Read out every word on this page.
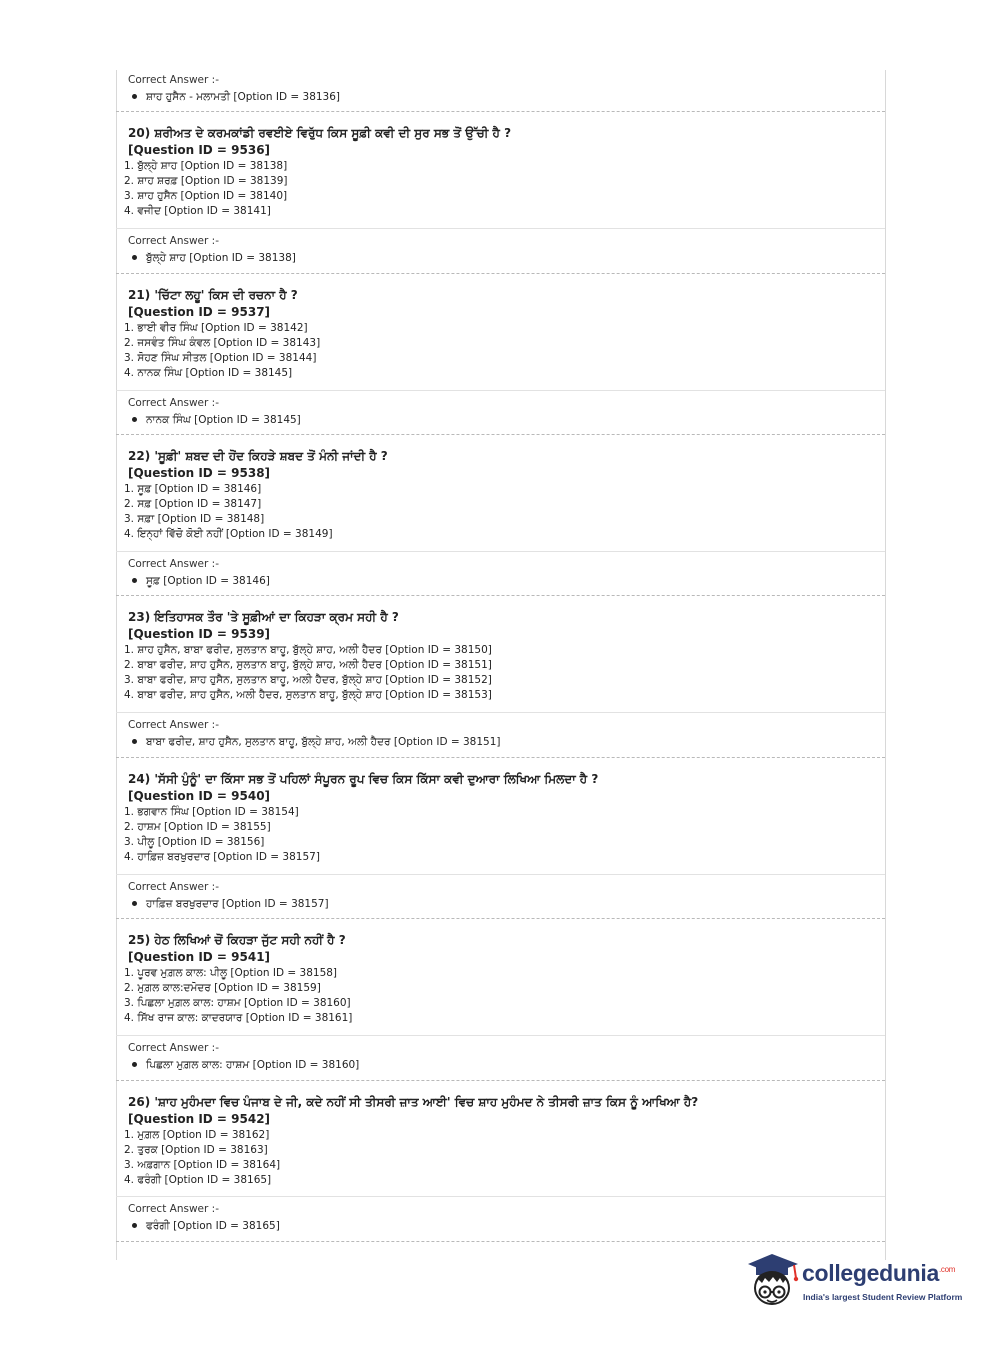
Correct Answer :-
ਸ਼ਾਹ ਹੁਸੈਨ - ਮਲਾਮਤੀ [Option ID = 38136]
20) ਸ਼ਰੀਅਤ ਦੇ ਕਰਮਕਾਂਡੀ ਰਵਈਏ ਵਿਰੁੱਧ ਕਿਸ ਸੂਫ਼ੀ ਕਵੀ ਦੀ ਸੁਰ ਸਭ ਤੋਂ ਉੱਚੀ ਹੈ ?
[Question ID = 9536]
1. ਬੁੱਲ੍ਹੇ ਸ਼ਾਹ [Option ID = 38138]
2. ਸ਼ਾਹ ਸ਼ਰਫ਼ [Option ID = 38139]
3. ਸ਼ਾਹ ਹੁਸੈਨ [Option ID = 38140]
4. ਵਜੀਦ [Option ID = 38141]
Correct Answer :-
ਬੁੱਲ੍ਹੇ ਸ਼ਾਹ [Option ID = 38138]
21) 'ਚਿੱਟਾ ਲਹੂ' ਕਿਸ ਦੀ ਰਚਨਾ ਹੈ ?
[Question ID = 9537]
1. ਭਾਈ ਵੀਰ ਸਿੰਘ [Option ID = 38142]
2. ਜਸਵੰਤ ਸਿੰਘ ਕੰਵਲ [Option ID = 38143]
3. ਸੋਹਣ ਸਿੰਘ ਸੀਤਲ [Option ID = 38144]
4. ਨਾਨਕ ਸਿੰਘ [Option ID = 38145]
Correct Answer :-
ਨਾਨਕ ਸਿੰਘ [Option ID = 38145]
22) 'ਸੂਫ਼ੀ' ਸ਼ਬਦ ਦੀ ਹੋਂਦ ਕਿਹੜੇ ਸ਼ਬਦ ਤੋਂ ਮੰਨੀ ਜਾਂਦੀ ਹੈ ?
[Question ID = 9538]
1. ਸੂਫ਼ [Option ID = 38146]
2. ਸਫ਼ [Option ID = 38147]
3. ਸਫ਼ਾ [Option ID = 38148]
4. ਇਨ੍ਹਾਂ ਵਿੱਚੋ ਕੋਈ ਨਹੀਂ [Option ID = 38149]
Correct Answer :-
ਸੂਫ਼ [Option ID = 38146]
23) ਇਤਿਹਾਸਕ ਤੌਰ 'ਤੇ ਸੂਫ਼ੀਆਂ ਦਾ ਕਿਹੜਾ ਕ੍ਰਮ ਸਹੀ ਹੈ ?
[Question ID = 9539]
1. ਸ਼ਾਹ ਹੁਸੈਨ, ਬਾਬਾ ਫਰੀਦ, ਸੁਲਤਾਨ ਬਾਹੂ, ਬੁੱਲ੍ਹੇ ਸ਼ਾਹ, ਅਲੀ ਹੈਦਰ [Option ID = 38150]
2. ਬਾਬਾ ਫਰੀਦ, ਸ਼ਾਹ ਹੁਸੈਨ, ਸੁਲਤਾਨ ਬਾਹੂ, ਬੁੱਲ੍ਹੇ ਸ਼ਾਹ, ਅਲੀ ਹੈਦਰ [Option ID = 38151]
3. ਬਾਬਾ ਫਰੀਦ, ਸ਼ਾਹ ਹੁਸੈਨ, ਸੁਲਤਾਨ ਬਾਹੂ, ਅਲੀ ਹੈਦਰ, ਬੁੱਲ੍ਹੇ ਸ਼ਾਹ [Option ID = 38152]
4. ਬਾਬਾ ਫਰੀਦ, ਸ਼ਾਹ ਹੁਸੈਨ, ਅਲੀ ਹੈਦਰ, ਸੁਲਤਾਨ ਬਾਹੂ, ਬੁੱਲ੍ਹੇ ਸ਼ਾਹ [Option ID = 38153]
Correct Answer :-
ਬਾਬਾ ਫਰੀਦ, ਸ਼ਾਹ ਹੁਸੈਨ, ਸੁਲਤਾਨ ਬਾਹੂ, ਬੁੱਲ੍ਹੇ ਸ਼ਾਹ, ਅਲੀ ਹੈਦਰ [Option ID = 38151]
24) 'ਸੱਸੀ ਪੁੰਨੂੰ' ਦਾ ਕਿੱਸਾ ਸਭ ਤੋਂ ਪਹਿਲਾਂ ਸੰਪੂਰਨ ਰੂਪ ਵਿਚ ਕਿਸ ਕਿੱਸਾ ਕਵੀ ਦੁਆਰਾ ਲਿਖਿਆ ਮਿਲਦਾ ਹੈ ?
[Question ID = 9540]
1. ਭਗਵਾਨ ਸਿੰਘ [Option ID = 38154]
2. ਹਾਸ਼ਮ [Option ID = 38155]
3. ਪੀਲੂ [Option ID = 38156]
4. ਹਾਫ਼ਿਜ਼ ਬਰਖੁਰਦਾਰ [Option ID = 38157]
Correct Answer :-
ਹਾਫ਼ਿਜ਼ ਬਰਖੁਰਦਾਰ [Option ID = 38157]
25) ਹੇਠ ਲਿਖਿਆਂ ਚੋਂ ਕਿਹੜਾ ਜੁੱਟ ਸਹੀ ਨਹੀਂ ਹੈ ?
[Question ID = 9541]
1. ਪੂਰਵ ਮੁਗ਼ਲ ਕਾਲ: ਪੀਲੂ [Option ID = 38158]
2. ਮੁਗ਼ਲ ਕਾਲ:ਦਮੋਦਰ [Option ID = 38159]
3. ਪਿਛਲਾ ਮੁਗ਼ਲ ਕਾਲ: ਹਾਸ਼ਮ [Option ID = 38160]
4. ਸਿੱਖ ਰਾਜ ਕਾਲ: ਕਾਦਰਯਾਰ [Option ID = 38161]
Correct Answer :-
ਪਿਛਲਾ ਮੁਗ਼ਲ ਕਾਲ: ਹਾਸ਼ਮ [Option ID = 38160]
26) 'ਸ਼ਾਹ ਮੁਹੰਮਦਾ ਵਿਚ ਪੰਜਾਬ ਦੇ ਜੀ, ਕਦੇ ਨਹੀਂ ਸੀ ਤੀਸਰੀ ਜ਼ਾਤ ਆਈ' ਵਿਚ ਸ਼ਾਹ ਮੁਹੰਮਦ ਨੇ ਤੀਸਰੀ ਜ਼ਾਤ ਕਿਸ ਨੂੰ ਆਖਿਆ ਹੈ?
[Question ID = 9542]
1. ਮੁਗ਼ਲ [Option ID = 38162]
2. ਤੁਰਕ [Option ID = 38163]
3. ਅਫ਼ਗਾਨ [Option ID = 38164]
4. ਫਰੰਗੀ [Option ID = 38165]
Correct Answer :-
ਫਰੰਗੀ [Option ID = 38165]
collegedunia$^{.com}$
India's largest Student Review Platform
